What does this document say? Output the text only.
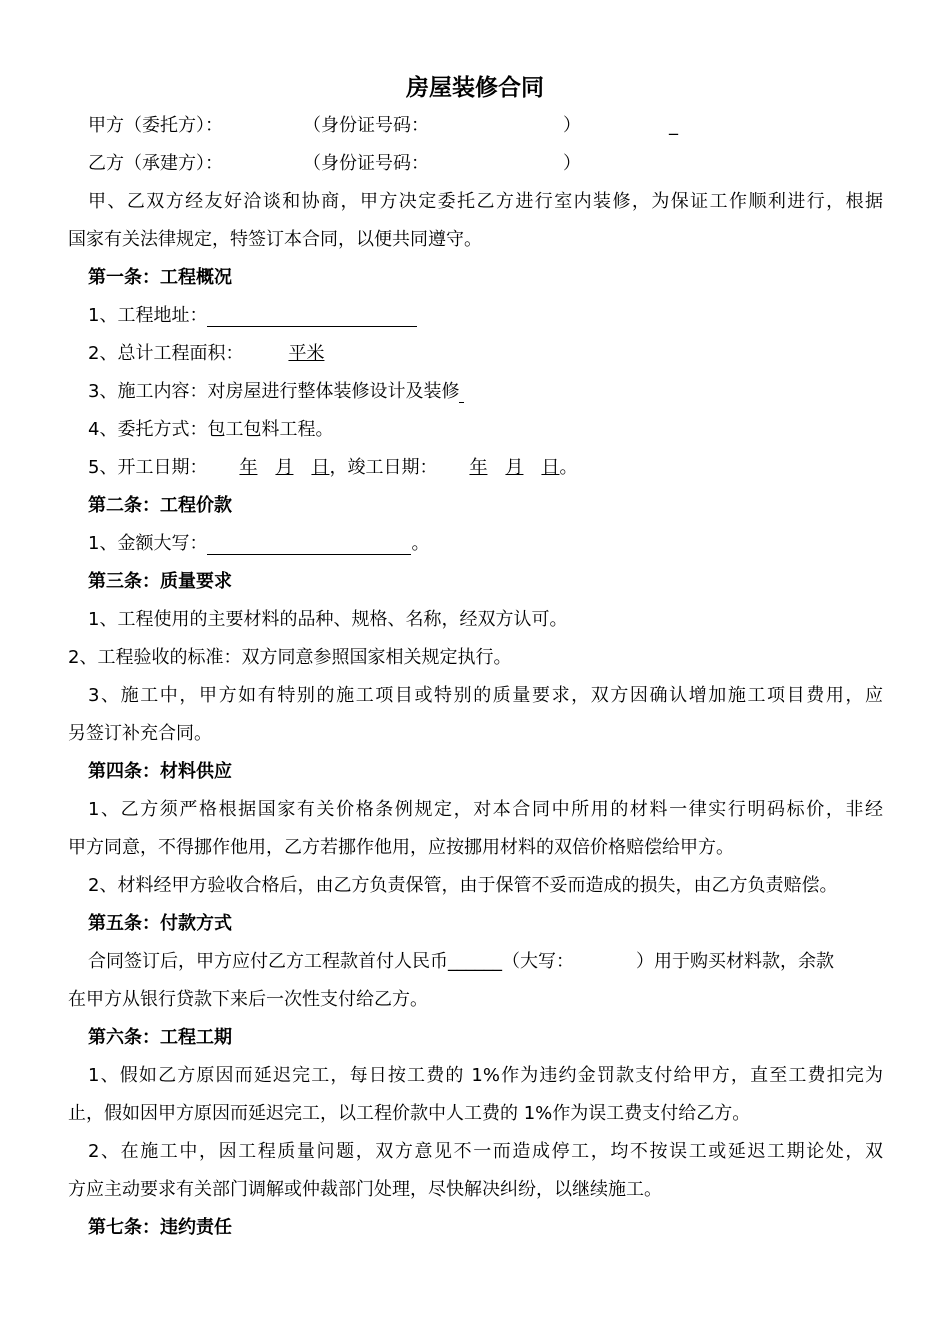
房屋装修合同
甲方（委托方）：	（身份证号码：	）	_
乙方（承建方）：	（身份证号码：	）
甲、乙双方经友好洽谈和协商，甲方决定委托乙方进行室内装修，为保证工作顺利进行，根据
国家有关法律规定，特签订本合同，以便共同遵守。
第一条：工程概况
1、工程地址：
2、总计工程面积：	平米
3、施工内容：对房屋进行整体装修设计及装修
4、委托方式：包工包料工程。
5、开工日期： 年 月 日，竣工日期： 年 月 日。
第二条：工程价款
1、金额大写：	。
第三条：质量要求
1、工程使用的主要材料的品种、规格、名称，经双方认可。
2、工程验收的标准：双方同意参照国家相关规定执行。
3、施工中，甲方如有特别的施工项目或特别的质量要求，双方因确认增加施工项目费用，应
另签订补充合同。
第四条：材料供应
1、乙方须严格根据国家有关价格条例规定，对本合同中所用的材料一律实行明码标价，非经
甲方同意，不得挪作他用，乙方若挪作他用，应按挪用材料的双倍价格赔偿给甲方。
2、材料经甲方验收合格后，由乙方负责保管，由于保管不妥而造成的损失，由乙方负责赔偿。
第五条：付款方式
合同签订后，甲方应付乙方工程款首付人民币______（大写：	）用于购买材料款，余款
在甲方从银行贷款下来后一次性支付给乙方。
第六条：工程工期
1、假如乙方原因而延迟完工，每日按工费的 1%作为违约金罚款支付给甲方，直至工费扣完为
止，假如因甲方原因而延迟完工，以工程价款中人工费的 1%作为误工费支付给乙方。
2、在施工中，因工程质量问题，双方意见不一而造成停工，均不按误工或延迟工期论处，双
方应主动要求有关部门调解或仲裁部门处理，尽快解决纠纷，以继续施工。
第七条：违约责任
